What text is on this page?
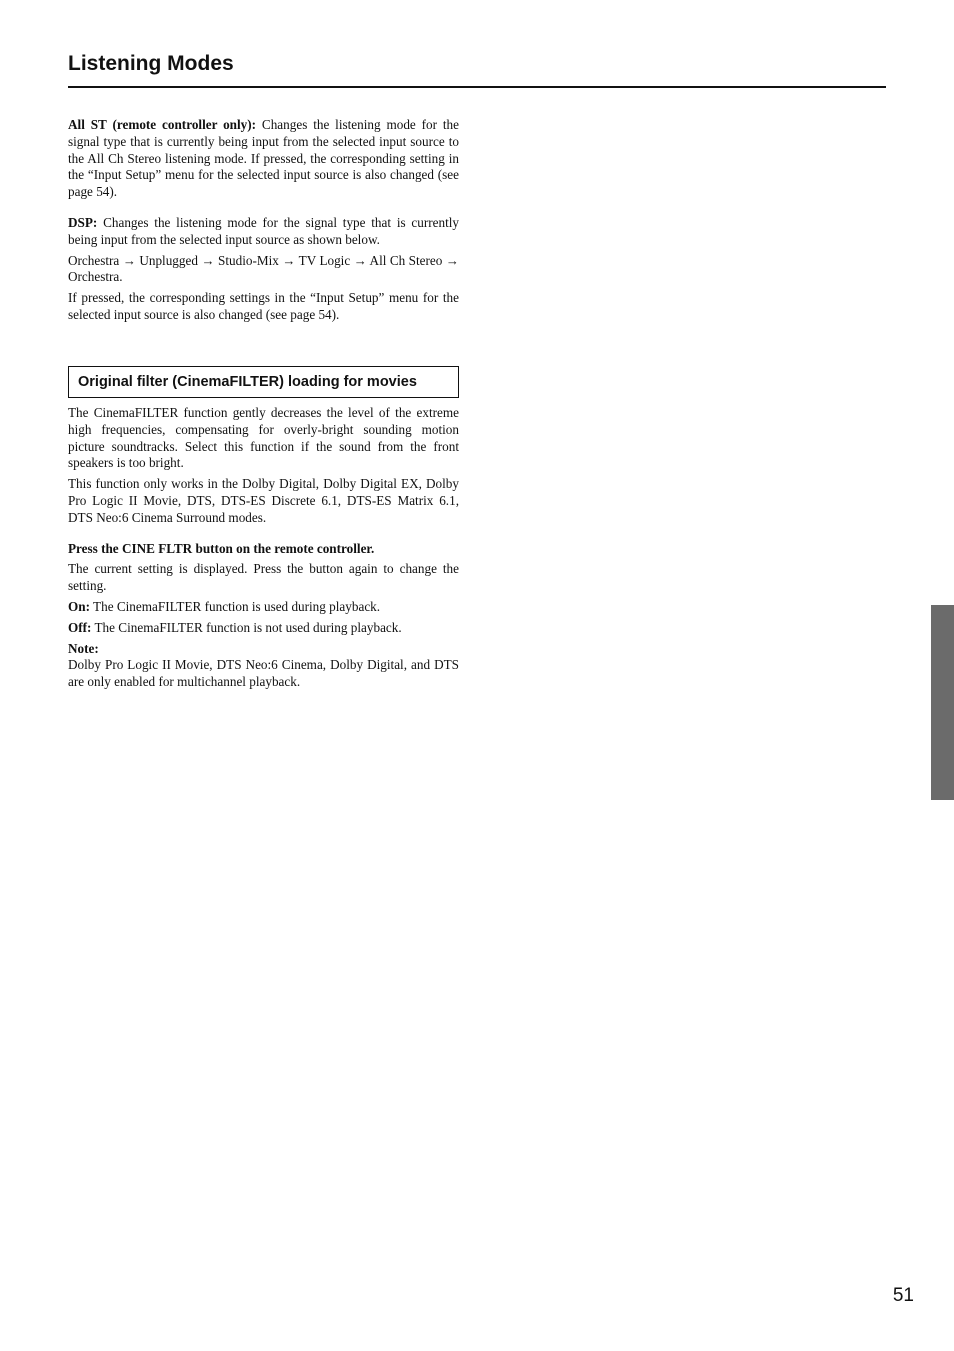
Listening Modes

All ST (remote controller only): Changes the listening mode for the signal type that is currently being input from the selected input source to the All Ch Stereo listening mode. If pressed, the corresponding setting in the “Input Setup” menu for the selected input source is also changed (see page 54).

DSP: Changes the listening mode for the signal type that is currently being input from the selected input source as shown below.

Orchestra → Unplugged → Studio-Mix → TV Logic → All Ch Stereo → Orchestra.

If pressed, the corresponding settings in the “Input Setup” menu for the selected input source is also changed (see page 54).

Original filter (CinemaFILTER) loading for movies

The CinemaFILTER function gently decreases the level of the extreme high frequencies, compensating for overly-bright sounding motion picture soundtracks. Select this function if the sound from the front speakers is too bright.

This function only works in the Dolby Digital, Dolby Digital EX, Dolby Pro Logic II Movie, DTS, DTS-ES Discrete 6.1, DTS-ES Matrix 6.1, DTS Neo:6 Cinema Surround modes.

Press the CINE FLTR button on the remote controller.

The current setting is displayed. Press the button again to change the setting.

On: The CinemaFILTER function is used during playback.

Off: The CinemaFILTER function is not used during playback.

Note:

Dolby Pro Logic II Movie, DTS Neo:6 Cinema, Dolby Digital, and DTS are only enabled for multichannel playback.

51
